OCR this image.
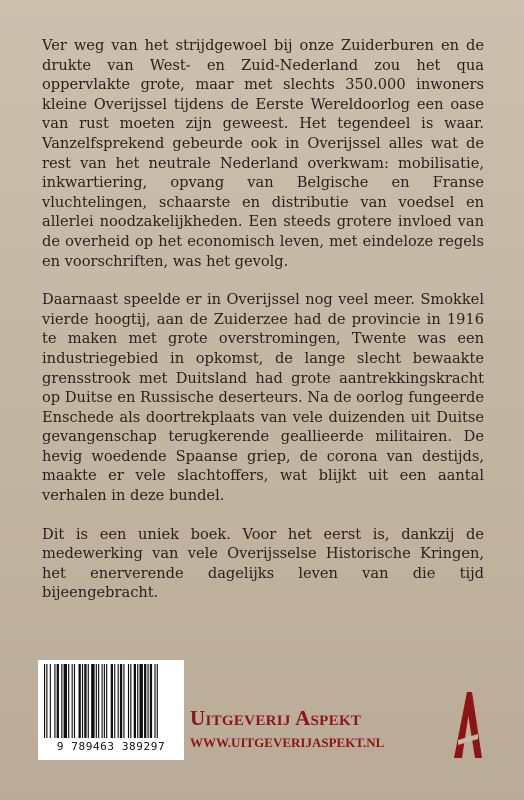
Ver weg van het strijdgewoel bij onze Zuiderburen en de drukte van West- en Zuid-Nederland zou het qua oppervlakte grote, maar met slechts 350.000 inwoners kleine Overijssel tijdens de Eerste Wereldoorlog een oase van rust moeten zijn geweest. Het tegendeel is waar. Vanzelfsprekend gebeurde ook in Overijssel alles wat de rest van het neutrale Nederland overkwam: mobilisatie, inkwartiering, opvang van Belgische en Franse vluchtelingen, schaarste en distributie van voedsel en allerlei noodzakelijkheden. Een steeds grotere invloed van de overheid op het economisch leven, met eindeloze regels en voorschriften, was het gevolg.

Daarnaast speelde er in Overijssel nog veel meer. Smokkel vierde hoogtij, aan de Zuiderzee had de provincie in 1916 te maken met grote overstromingen, Twente was een industriegebied in opkomst, de lange slecht bewaakte grensstrook met Duitsland had grote aantrekkingskracht op Duitse en Russische deserteurs. Na de oorlog fungeerde Enschede als doortrekplaats van vele duizenden uit Duitse gevangenschap terugkerende geallieerde militairen. De hevig woedende Spaanse griep, de corona van destijds, maakte er vele slachtoffers, wat blijkt uit een aantal verhalen in deze bundel.

Dit is een uniek boek. Voor het eerst is, dankzij de medewerking van vele Overijsselse Historische Kringen, het enerverende dagelijks leven van die tijd bijeengebracht.

9 789463 389297
Uitgeverij Aspekt
WWW.UITGEVERIJASPEKT.NL
